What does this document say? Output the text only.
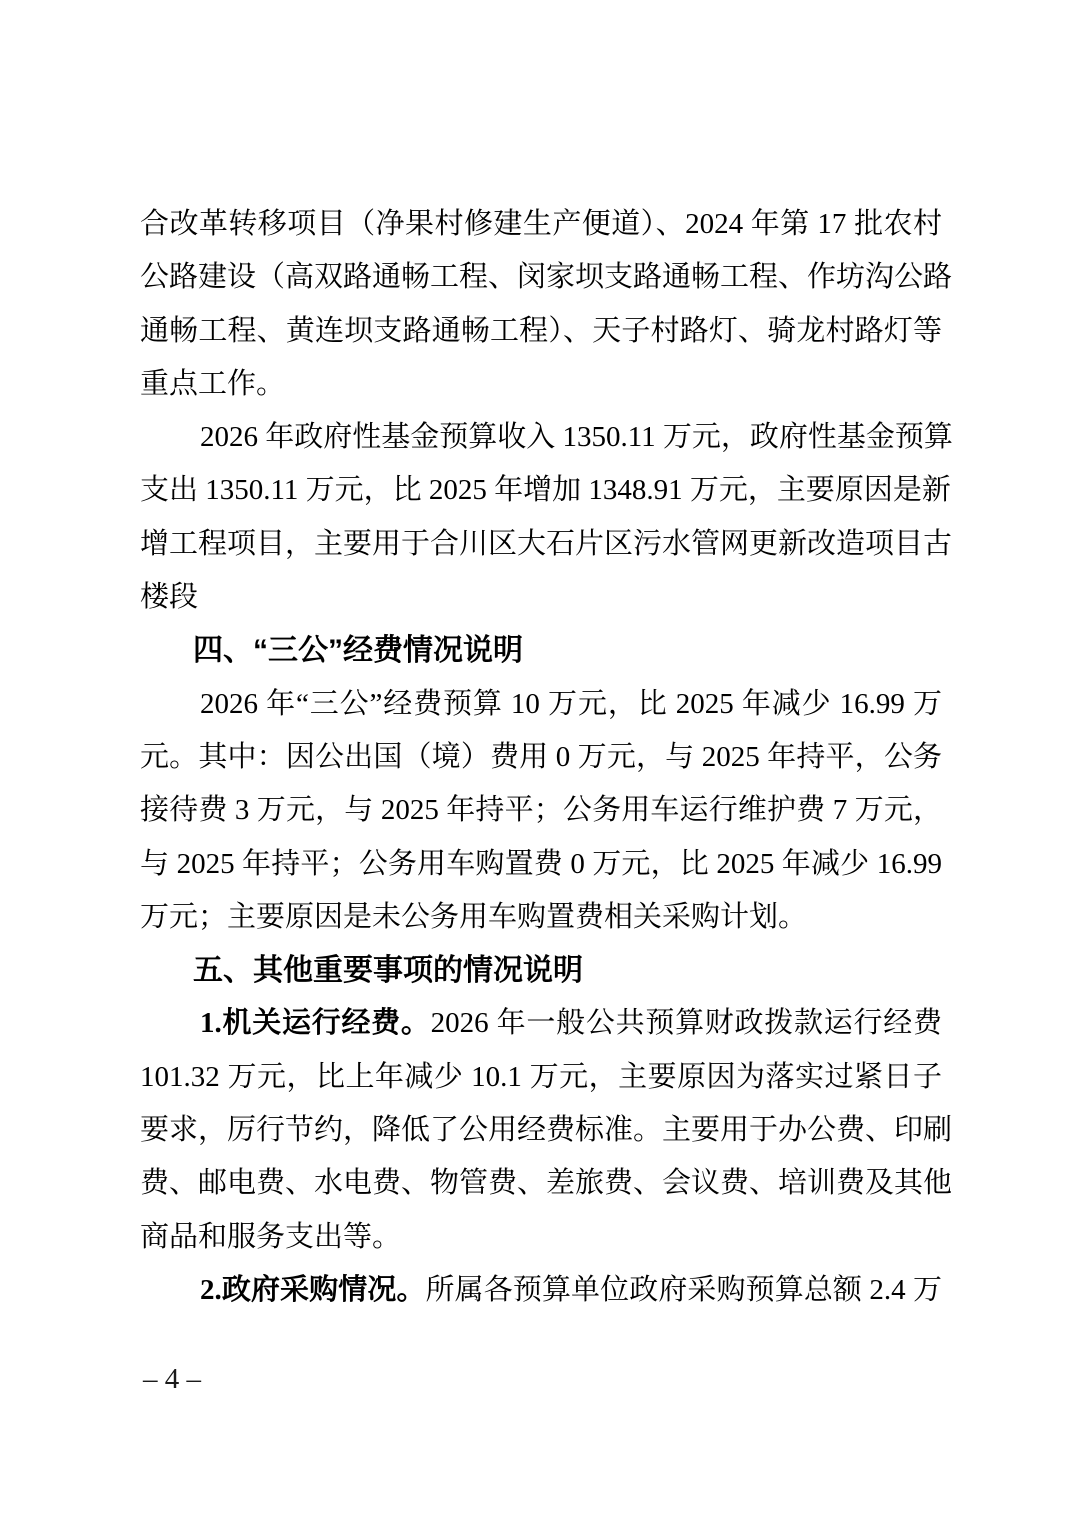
合改革转移项目（净果村修建生产便道）、2024 年第 17 批农村
公路建设（高双路通畅工程、闵家坝支路通畅工程、作坊沟公路
通畅工程、黄连坝支路通畅工程）、天子村路灯、骑龙村路灯等
重点工作。
2026 年政府性基金预算收入 1350.11 万元，政府性基金预算
支出 1350.11 万元，比 2025 年增加 1348.91 万元，主要原因是新
增工程项目，主要用于合川区大石片区污水管网更新改造项目古
楼段
四、“三公”经费情况说明
2026 年“三公”经费预算 10 万元，比 2025 年减少 16.99 万
元。其中：因公出国（境）费用 0 万元，与 2025 年持平，公务
接待费 3 万元，与 2025 年持平；公务用车运行维护费 7 万元，
与 2025 年持平；公务用车购置费 0 万元，比 2025 年减少 16.99
万元；主要原因是未公务用车购置费相关采购计划。
五、其他重要事项的情况说明
1.机关运行经费。2026 年一般公共预算财政拨款运行经费
101.32 万元，比上年减少 10.1 万元，主要原因为落实过紧日子
要求，厉行节约，降低了公用经费标准。主要用于办公费、印刷
费、邮电费、水电费、物管费、差旅费、会议费、培训费及其他
商品和服务支出等。
2.政府采购情况。所属各预算单位政府采购预算总额 2.4 万
– 4 –
